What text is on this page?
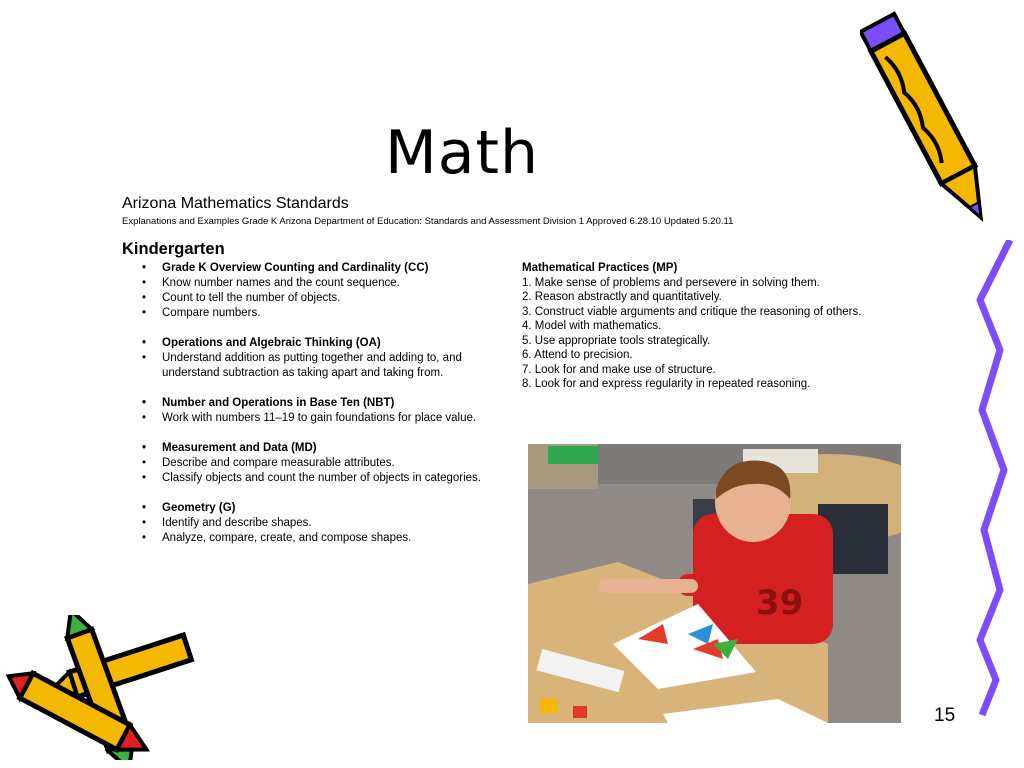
Math
Arizona Mathematics Standards
Explanations and Examples Grade K Arizona Department of Education: Standards and Assessment Division 1 Approved 6.28.10 Updated 5.20.11
Kindergarten
• Grade K Overview Counting and Cardinality (CC)
• Know number names and the count sequence.
• Count to tell the number of objects.
• Compare numbers.
• Operations and Algebraic Thinking (OA)
• Understand addition as putting together and adding to, and understand subtraction as taking apart and taking from.
• Number and Operations in Base Ten (NBT)
• Work with numbers 11–19 to gain foundations for place value.
• Measurement and Data (MD)
• Describe and compare measurable attributes.
• Classify objects and count the number of objects in categories.
• Geometry (G)
• Identify and describe shapes.
• Analyze, compare, create, and compose shapes.
Mathematical Practices (MP)
1. Make sense of problems and persevere in solving them.
2. Reason abstractly and quantitatively.
3. Construct viable arguments and critique the reasoning of others.
4. Model with mathematics.
5. Use appropriate tools strategically.
6. Attend to precision.
7. Look for and make use of structure.
8. Look for and express regularity in repeated reasoning.
39
15
